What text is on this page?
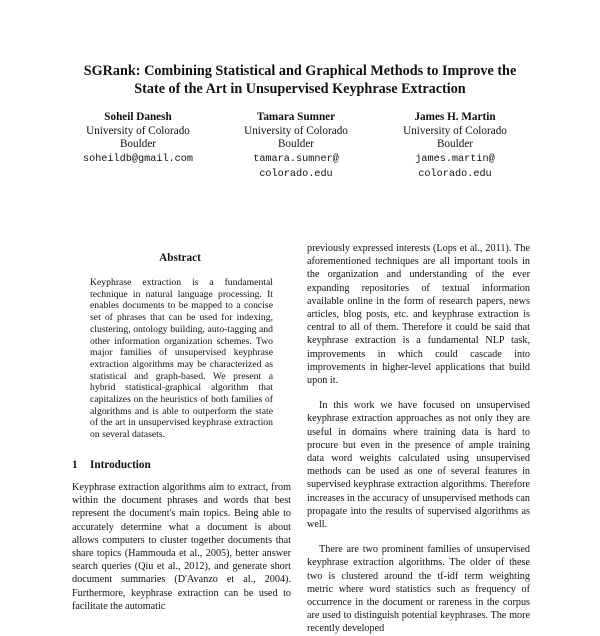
SGRank: Combining Statistical and Graphical Methods to Improve the
State of the Art in Unsupervised Keyphrase Extraction
Soheil Danesh
University of Colorado
Boulder
soheildb@gmail.com
Tamara Sumner
University of Colorado
Boulder
tamara.sumner@
colorado.edu
James H. Martin
University of Colorado
Boulder
james.martin@
colorado.edu
Abstract

Keyphrase extraction is a fundamental technique in natural language processing. It enables documents to be mapped to a concise set of phrases that can be used for indexing, clustering, ontology building, auto-tagging and other information organization schemes. Two major families of unsupervised keyphrase extraction algorithms may be characterized as statistical and graph-based. We present a hybrid statistical-graphical algorithm that capitalizes on the heuristics of both families of algorithms and is able to outperform the state of the art in unsupervised keyphrase extraction on several datasets.

1 Introduction

Keyphrase extraction algorithms aim to extract, from within the document phrases and words that best represent the document's main topics. Being able to accurately determine what a document is about allows computers to cluster together documents that share topics (Hammouda et al., 2005), better answer search queries (Qiu et al., 2012), and generate short document summaries (D'Avanzo et al., 2004). Furthermore, keyphrase extraction can be used to facilitate the automatic

previously expressed interests (Lops et al., 2011). The aforementioned techniques are all important tools in the organization and understanding of the ever expanding repositories of textual information available online in the form of research papers, news articles, blog posts, etc. and keyphrase extraction is central to all of them. Therefore it could be said that keyphrase extraction is a fundamental NLP task, improvements in which could cascade into improvements in higher-level applications that build upon it.

In this work we have focused on unsupervised keyphrase extraction approaches as not only they are useful in domains where training data is hard to procure but even in the presence of ample training data word weights calculated using unsupervised methods can be used as one of several features in supervised keyphrase extraction algorithms. Therefore increases in the accuracy of unsupervised methods can propagate into the results of supervised algorithms as well.

There are two prominent families of unsupervised keyphrase extraction algorithms. The older of these two is clustered around the tf-idf term weighting metric where word statistics such as frequency of occurrence in the document or rareness in the corpus are used to distinguish potential keyphrases. The more recently developed
